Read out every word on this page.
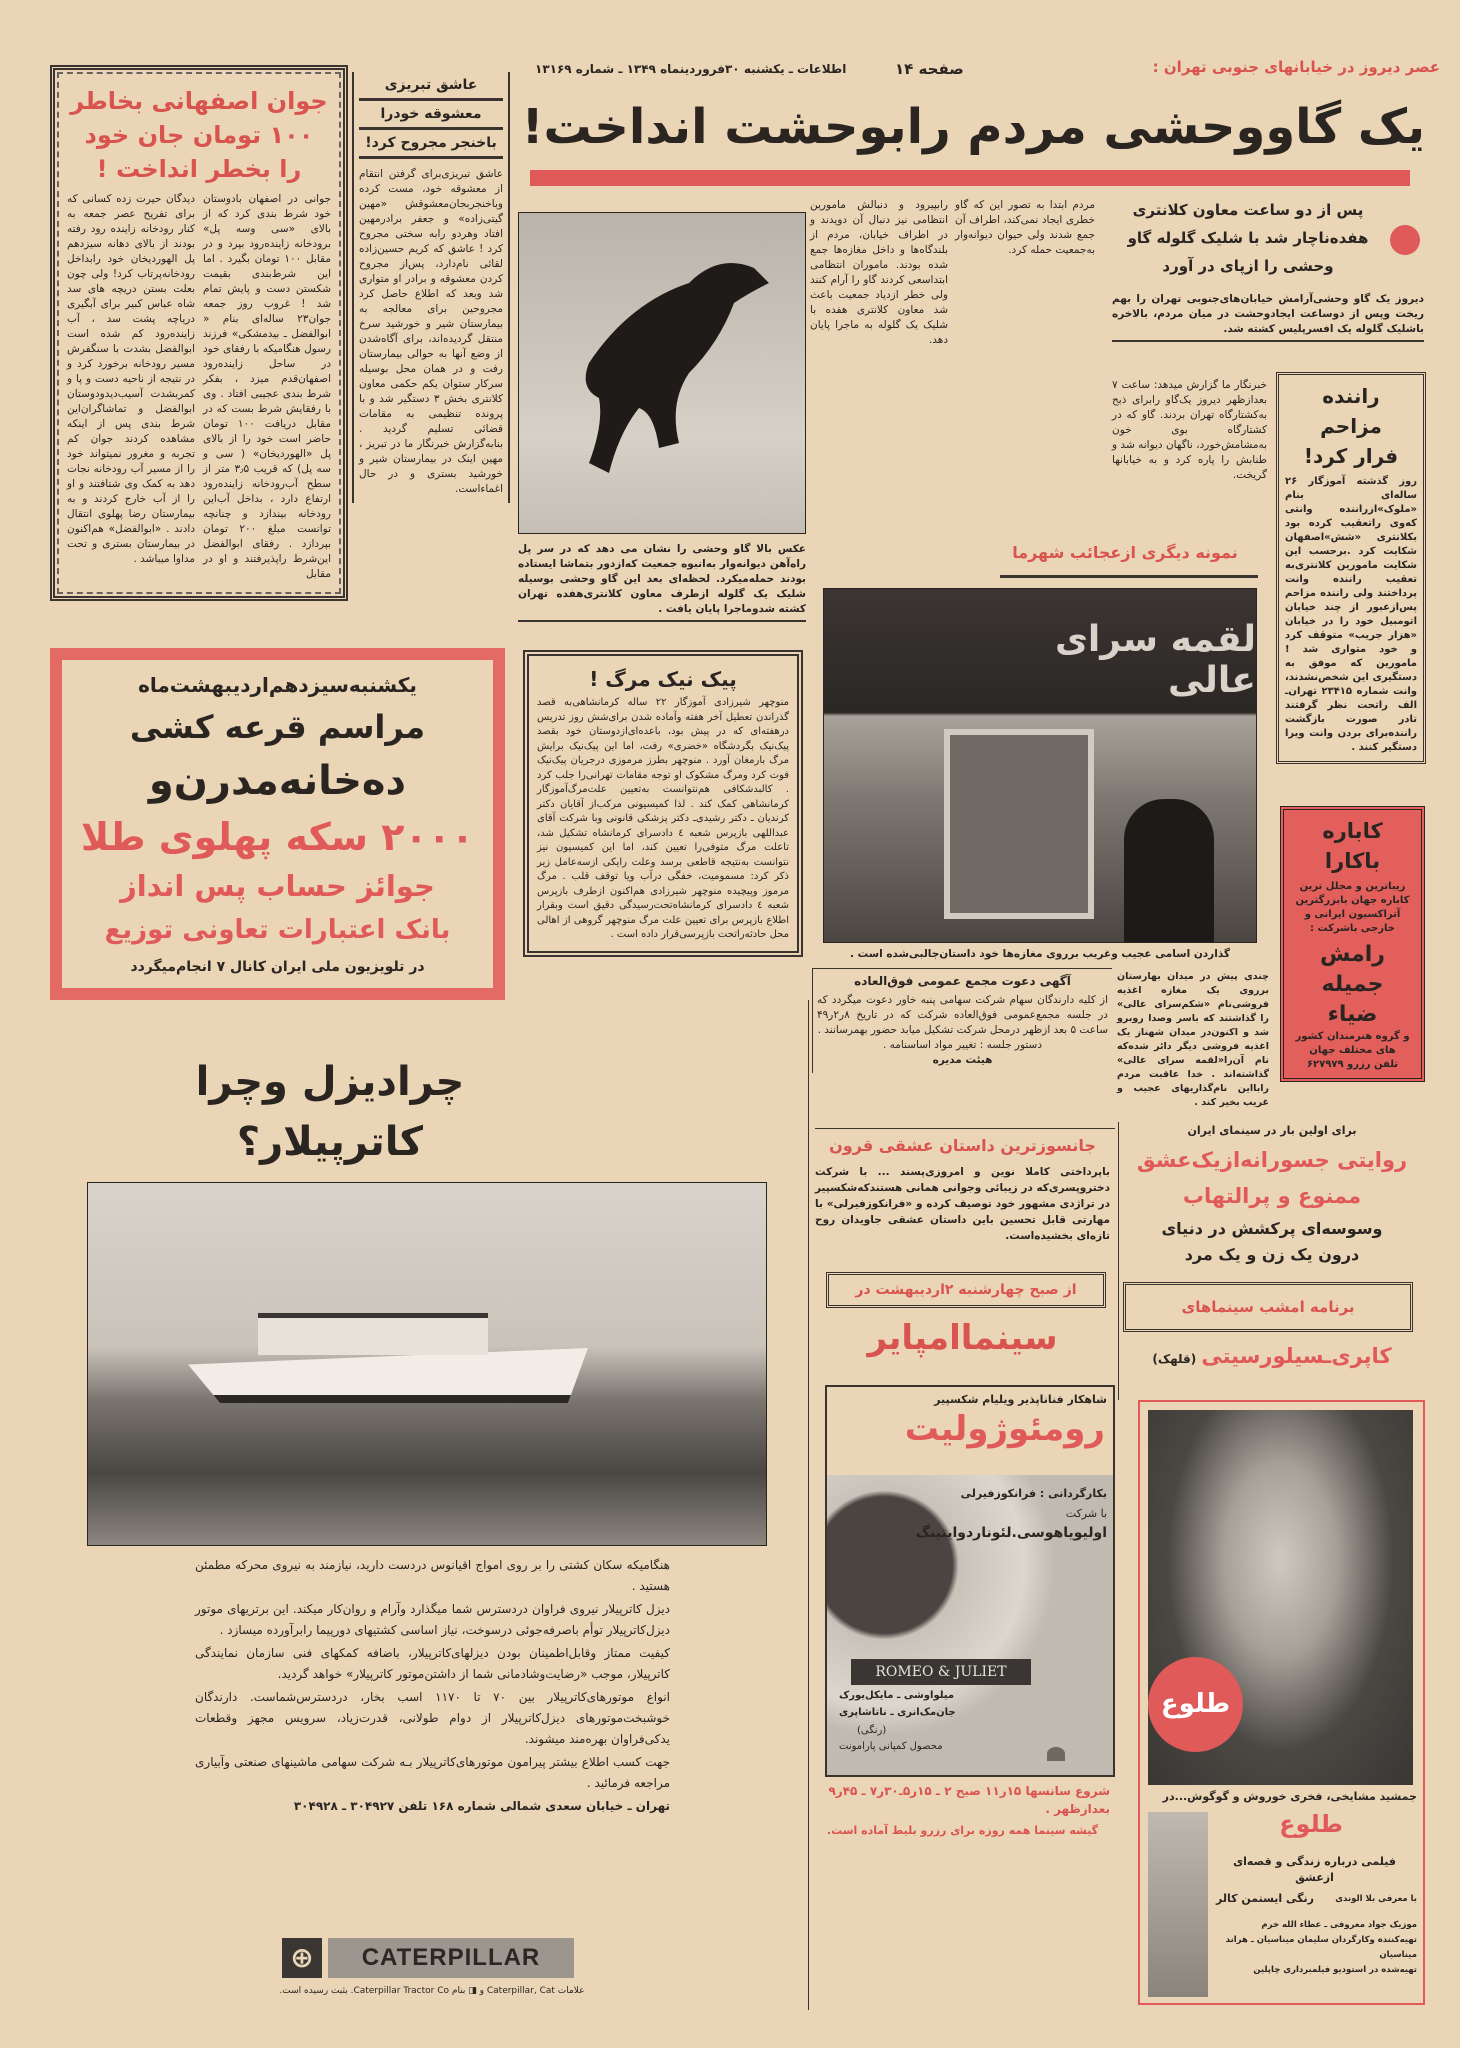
عصر دیروز در خیابانهای جنوبی تهران :
صفحه ۱۴
اطلاعات ـ یکشنبه ۳۰فروردینماه ۱۳۴۹ ـ شماره ۱۳۱۶۹
یک گاووحشی مردم رابوحشت انداخت!
جوان اصفهانی بخاطر
۱۰۰ تومان جان خود
را بخطر انداخت !
جوانی در اصفهان بادوستان خود شرط بندی کرد که از بالای «سی وسه پل» برودخانه زاینده‌رود بپرد و در مقابل ۱۰۰ تومان بگیرد . اما این شرط‌بندی بقیمت شکستن دست و پایش تمام شد ! غروب روز جمعه جوان۲۳ ساله‌ای بنام « ابوالفضل ـ بیدمشکی» فرزند رسول هنگامیکه با رفقای خود در ساحل زاینده‌رود اصفهان‌قدم میزد ، بفکر شرط بندی عجیبی افتاد . وی با رفقایش شرط بست که در مقابل دریافت ۱۰۰ تومان حاضر است خود را از بالای پل «الهوردیخان» ( سی و سه پل) که قریب ۳٫۵ متر از سطح آب‌رودخانه زاینده‌رود ارتفاع دارد ، بداخل آب‌این رودخانه بیندازد و چنانچه توانست مبلغ ۲۰۰ تومان بپردازد . رفقای ابوالفضل این‌شرط راپذیرفتند و او در مقابل
دیدگان حیرت زده کسانی که برای تفریح عصر جمعه به کنار رودخانه زاینده رود رفته بودند از بالای دهانه سیزدهم پل الهوردیخان خود رابداخل رودخانه‌پرتاب کرد! ولی چون بعلت بستن دریچه های سد شاه عباس کبیر برای آبگیری دریاچه پشت سد ، آب زاینده‌رود کم شده است ابوالفضل بشدت با سنگفرش مسیر رودخانه برخورد کرد و در نتیجه از ناحیه دست و پا و کمربشدت آسیب‌دیدودوستان ابوالفضل و تماشاگران‌این شرط بندی پس از اینکه مشاهده کردند جوان کم تجربه و مغرور نمیتواند خود را از مسیر آب رودخانه نجات دهد به کمک وی شتافتند و او را از آب خارج کردند و به بیمارستان رضا پهلوی انتقال دادند . «ابوالفضل» هم‌اکنون در بیمارستان بستری و تحت مداوا میباشد .
عاشق تبریزی
معشوقه خودرا
باخنجر مجروح کرد!
عاشق تبریزی‌برای گرفتن انتقام از معشوقه خود، مست کرده وباخنجربجان‌معشوقش «مهین گیتی‌زاده» و جعفر برادرمهین افتاد وهردو رابه سختی مجروح کرد ! عاشق که کریم حسین‌زاده لقائی نام‌دارد، پس‌از مجروح کردن معشوقه و برادر او متواری شد وبعد که اطلاع حاصل کرد مجروحین برای معالجه به بیمارستان شیر و خورشید سرخ منتقل گردیده‌اند، برای آگاه‌شدن از وضع آنها به حوالی بیمارستان رفت و در همان محل بوسیله سرکار ستوان یکم حکمی معاون کلانتری بخش ۳ دستگیر شد و با پرونده تنظیمی به مقامات قضائی تسلیم گردید . بنابه‌گزارش خبرنگار ما در تبریز ، مهین اینک در بیمارستان شیر و خورشید بستری و در حال اغماءاست.
عکس بالا گاو وحشی را نشان می دهد که در سر پل راه‌آهن دیوانه‌وار به‌انبوه جمعیت که‌ازدور بتماشا ایستاده بودند حمله‌میکرد. لحظه‌ای بعد این گاو وحشی بوسیله شلیک یک گلوله ازطرف معاون کلانتری‌هفده تهران کشته شدوماجرا پایان یافت .
رابپیرود و دنبالش مامورین انتظامی نیز دنبال آن دویدند و در اطراف خیابان، مردم از بلندگاه‌ها و داخل مغازه‌ها جمع شده بودند. ماموران انتظامی ابتداسعی کردند گاو را آرام کنند ولی خطر ازدیاد جمعیت باعث شد معاون کلانتری هفده با شلیک یک گلوله به ماجرا پایان دهد.
مردم ابتدا به تصور این که گاو خطری ایجاد نمی‌کند، اطراف آن جمع شدند ولی حیوان دیوانه‌وار به‌جمعیت حمله کرد.
پس از دو ساعت معاون کلانتری هفده‌ناچار شد با شلیک گلوله گاو وحشی را ازپای در آورد
دیروز یک گاو وحشی‌آرامش خیابان‌های‌جنوبی تهران را بهم ریخت وپس از دوساعت ایجادوحشت در میان مردم، بالاخره باشلیک گلوله یک افسرپلیس کشته شد.
خبرنگار ما گزارش میدهد: ساعت ۷ بعدازظهر دیروز یک‌گاو رابرای ذبح به‌کشتارگاه تهران بردند. گاو که در کشتارگاه بوی خون به‌مشامش‌خورد، ناگهان دیوانه شد و طنابش را پاره کرد و به خیابانها گریخت.
راننده
مزاحم
فرار کرد!
روز گذشته آموزگار ۲۶ ساله‌ای بنام «ملوک»ازراننده وانتی که‌وی راتعقیب کرده بود بکلانتری «شش»اصفهان شکایت کرد .برحسب این شکایت مامورین کلانتری‌به تعقیب راننده وانت پرداختند ولی راننده مزاحم پس‌ازعبور از چند خیابان اتومبیل خود را در خیابان «هزار جریب» متوقف کرد و خود متواری شد ! مامورین که موفق به دستگیری این شخص‌نشدند، وانت شماره ۲۳۴۱۵ تهران‌ـ الف راتحت نظر گرفتند تادر صورت بازگشت راننده‌برای بردن وانت ویرا دستگیر کنند .
یکشنبه‌سیزدهم‌اردیبهشت‌ماه
مراسم قرعه کشی
ده‌خانه‌مدرن‌و
۲۰۰۰ سکه پهلوی طلا
جوائز حساب پس انداز
بانک اعتبارات تعاونی توزیع
در تلویزیون ملی ایران کانال ۷ انجام‌میگردد
پیک نیک مرگ !
منوچهر شیرزادی آموزگار ۲۲ ساله کرمانشاهی‌به قصد گذراندن تعطیل آخر هفته وآماده شدن برای‌شش روز تدریس درهفته‌ای که در پیش بود، باعده‌ای‌ازدوستان خود بقصد پیک‌نیک بگردشگاه «خضری» رفت، اما این پیک‌نیک برایش مرگ بارمغان آورد . منوچهر بطرز مرموزی درجریان پیک‌نیک فوت کرد ومرگ مشکوک او توجه مقامات تهرانی‌را جلب کرد . کالبدشکافی هم‌نتوانست به‌تعیین علت‌مرگ‌آموزگار کرمانشاهی کمک کند . لذا کمیسیونی مرکب‌از آقایان دکتر کرندیان ـ دکتر رشیدی‌ـ دکتر پزشکی قانونی وبا شرکت آقای عبداللهی بازپرس شعبه ٤ دادسرای کرمانشاه تشکیل شد، تاعلت مرگ متوفی‌را تعیین کند، اما این کمیسیون نیز نتوانست به‌نتیجه قاطعی برسد وعلت رایکی ازسه‌عامل زیر ذکر کرد: مسمومیت، خفگی درآب ویا توقف قلب . مرگ مرموز وپیچیده منوچهر شیرزادی هم‌اکنون ازطرف بازپرس شعبه ٤ دادسرای کرمانشاه‌تحت‌رسیدگی دقیق است وبقرار اطلاع بازپرس برای تعیین علت مرگ منوچهر گروهی از اهالی محل حادثه‌راتحت بازپرسی‌قرار داده است .
نمونه دیگری ازعجائب شهرما
لقمه سرای عالی
گذاردن اسامی عجیب وغریب برروی مغازه‌ها خود داستان‌جالبی‌شده است .
چندی پیش در میدان بهارستان برروی یک مغازه اغذیه فروشی‌نام «شکم‌سرای عالی» را گذاشتند که باسر وصدا روبرو شد و اکنون‌در میدان شهناز یک اغذیه فروشی دیگر دائر شده‌که نام آن‌را«لقمه سرای عالی» گذاشته‌اند . خدا عاقبت مردم رابااین نام‌گذاریهای عجیب و غریب بخیر کند .
آگهی دعوت مجمع عمومی فوق‌العاده
از کلیه دارندگان سهام شرکت سهامی پنبه خاور دعوت میگردد که در جلسه مجمع‌عمومی فوق‌العاده شرکت که در تاریخ ۸ر۲ر۴۹ ساعت ۵ بعد ازظهر درمحل شرکت تشکیل میابد حضور بهمرسانند .
دستور جلسه : تغییر مواد اساسنامه .
هیئت مدیره
کاباره
باکارا
زیباترین و مجلل ترین کاباره جهان بابزرگترین آتراکسیون ایرانی و خارجی باشرکت :
رامش
جمیله
ضیاء
و گروه هنرمندان کشور های مختلف جهان
تلفن رزرو ۶۲۷۹۷۹
چرادیزل وچرا
کاترپیلار؟

هنگامیکه سکان کشتی را بر روی امواج اقیانوس دردست دارید، نیازمند به نیروی محرکه مطمئن هستید .

دیزل کاترپیلار نیروی فراوان دردسترس شما میگذارد وآرام و روان‌کار میکند. این برتریهای موتور دیزل‌کاترپیلار توأم باصرفه‌جوئی درسوخت، نیاز اساسی کشتیهای دورپیما رابرآورده میسازد .

کیفیت ممتاز وقابل‌اطمینان بودن دیزلهای‌کاترپیلار، باضافه کمکهای فنی سازمان نمایندگی کاترپیلار، موجب «رضایت‌وشادمانی شما از داشتن‌موتور کاترپیلار» خواهد گردید.

انواع موتورهای‌کاترپیلار بین ۷۰ تا ۱۱۷۰ اسب بخار، دردسترس‌شماست. دارندگان خوشبخت‌موتورهای دیزل‌کاترپیلار از دوام طولانی، قدرت‌زیاد، سرویس مجهز وقطعات یدکی‌فراوان بهره‌مند میشوند.

جهت کسب اطلاع بیشتر پیرامون موتورهای‌کاترپیلار بـه شرکت سهامی ماشینهای صنعتی وآبیاری مراجعه فرمائید .

تهران ـ خیابان سعدی شمالی شماره ۱۶۸ تلفن ۳۰۴۹۲۷ ـ ۳۰۴۹۲۸

⊕	CATERPILLAR
علامات Caterpillar, Cat و ◨ بنام Caterpillar Tractor Co. بثبت رسیده است.
جانسوزترین داستان عشقی قرون
باپرداختی کاملا نوین و امروزی‌پسند ... با شرکت دختروپسری‌که در زیبائی وجوانی همانی هستندکه‌شکسپیر در تراژدی مشهور خود توصیف کرده و «فرانکوزفیرلی» با مهارتی قابل تحسین باین داستان عشقی جاویدان روح تازه‌ای بخشیده‌است.
از صبح چهارشنبه ۲اردیبهشت در
سینماامپایر
شاهکار فناناپذیر ویلیام شکسپیر
رومئوژولیت
بکارگردانی : فرانکوزفیرلی
با شرکت
اولیویاهوسی.لئوناردوایتینگ
ROMEO & JULIET
میلواوشی ـ مایکل‌یورک
جان‌مک‌انری ـ ناتاشاپری
(رنگی)
محصول کمپانی پارامونت
شروع سانسها ۱۵ر۱۱ صبح ۲ ـ ۱۵ر۵ـ۳۰ر۷ ـ ۴۵ر۹ بعدازظهر .
گیشه سینما همه روزه برای رزرو بلیط آماده است.
برای اولین بار در سینمای ایران
روایتی جسورانه‌ازیک‌عشق
ممنوع و پرالتهاب
وسوسه‌ای پرکشش در دنیای
درون یک زن و یک مرد
برنامه امشب سینماهای
کاپری‌ـسیلورسیتی (قلهک)
طلوع
جمشید مشایخی، فخری خوروش و گوگوش...در
طلوع
فیلمی درباره زندگی و قصه‌ای ازعشق
رنگی ایستمن کالر با معرفی بلا الوندی
موزیک جواد معروفی ـ عطاء الله خرم
تهیه‌کننده وکارگردان سلیمان میناسیان ـ هراند میناسیان
تهیه‌شده در استودیو فیلمبرداری چاپلین
